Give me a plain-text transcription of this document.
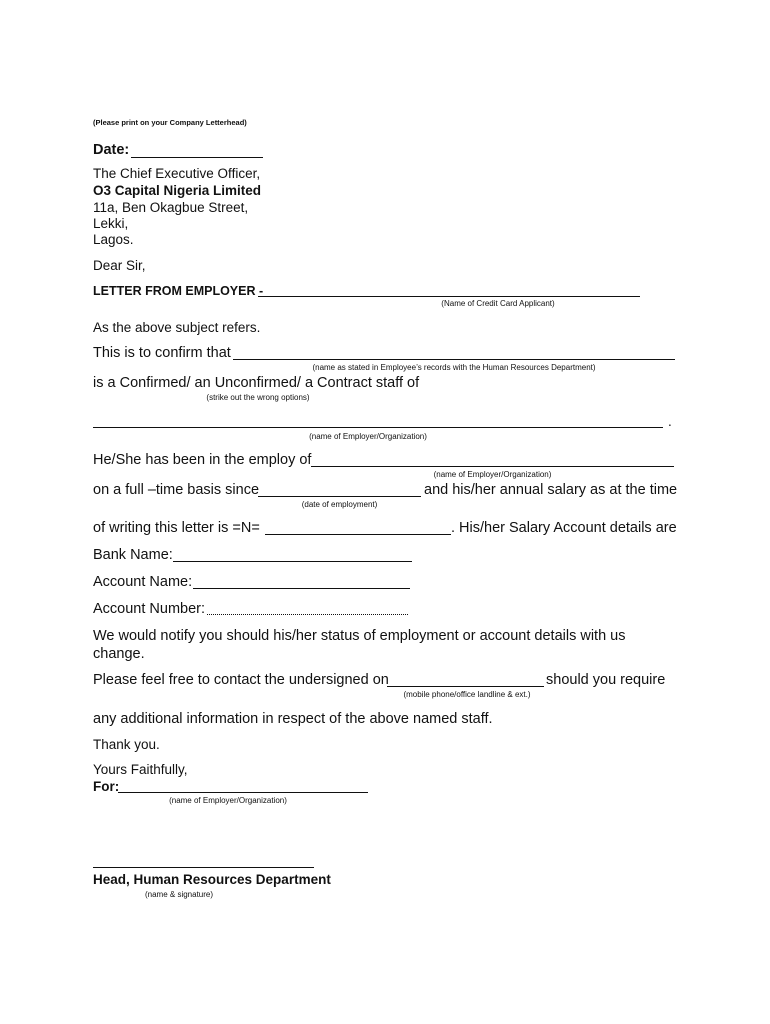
(Please print on your Company Letterhead)
Date:
The Chief Executive Officer,
O3 Capital Nigeria Limited
11a, Ben Okagbue Street,
Lekki,
Lagos.
Dear Sir,
LETTER FROM EMPLOYER -
(Name of Credit Card Applicant)
As the above subject refers.
This is to confirm that
(name as stated in Employee’s records with the Human Resources Department)
is a Confirmed/ an Unconfirmed/ a Contract staff of
(strike out the wrong options)
.
(name of Employer/Organization)
He/She has been in the employ of
(name of Employer/Organization)
on a full –time basis since	and his/her annual salary as at the time
(date of employment)
of writing this letter is =N=	. His/her Salary Account details are
Bank Name:
Account Name:
Account Number:
We would notify you should his/her status of employment or account details with us
change.
Please feel free to contact the undersigned on	should you require
(mobile phone/office landline & ext.)
any additional information in respect of the above named staff.
Thank you.
Yours Faithfully,
For:
(name of Employer/Organization)
Head, Human Resources Department
(name & signature)
